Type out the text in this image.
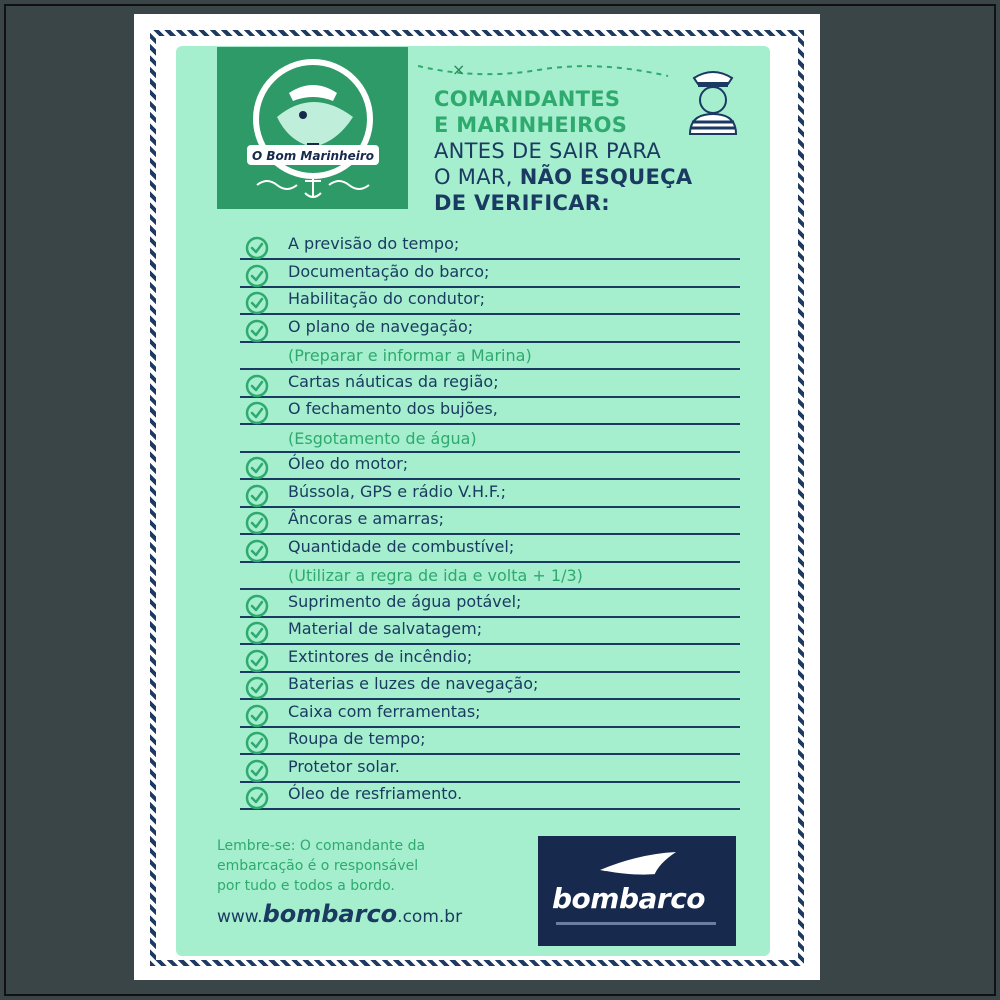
O Bom Marinheiro
×
COMANDANTES
E MARINHEIROS
ANTES DE SAIR PARA
O MAR, NÃO ESQUEÇA
DE VERIFICAR:
A previsão do tempo;
Documentação do barco;
Habilitação do condutor;
O plano de navegação;
(Preparar e informar a Marina)
Cartas náuticas da região;
O fechamento dos bujões,
(Esgotamento de água)
Óleo do motor;
Bússola, GPS e rádio V.H.F.;
Âncoras e amarras;
Quantidade de combustível;
(Utilizar a regra de ida e volta + 1/3)
Suprimento de água potável;
Material de salvatagem;
Extintores de incêndio;
Baterias e luzes de navegação;
Caixa com ferramentas;
Roupa de tempo;
Protetor solar.
Óleo de resfriamento.
Lembre-se: O comandante da
embarcação é o responsável
por tudo e todos a bordo.
www.bombarco.com.br
bombarco
